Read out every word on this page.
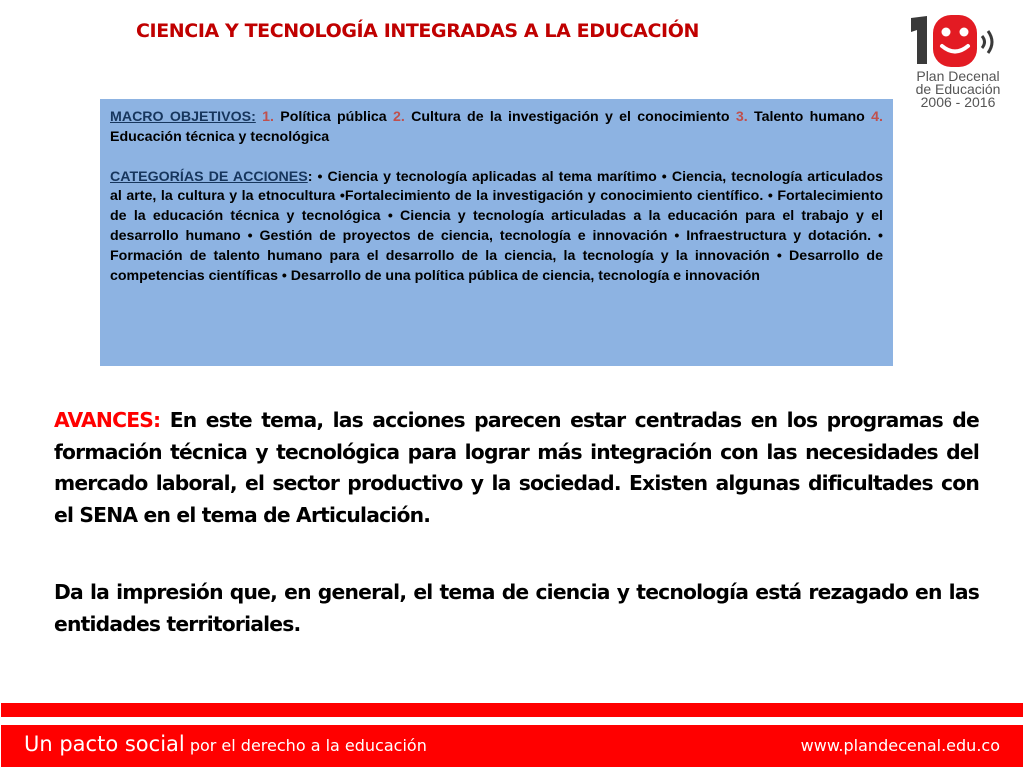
CIENCIA Y TECNOLOGÍA INTEGRADAS A LA EDUCACIÓN
Plan Decenal
de Educación
2006 - 2016

MACRO OBJETIVOS: 1. Política pública 2. Cultura de la investigación y el conocimiento 3. Talento humano 4. Educación técnica y tecnológica

CATEGORÍAS DE ACCIONES: • Ciencia y tecnología aplicadas al tema marítimo • Ciencia, tecnología articulados al arte, la cultura y la etnocultura •Fortalecimiento de la investigación y conocimiento científico. • Fortalecimiento de la educación técnica y tecnológica • Ciencia y tecnología articuladas a la educación para el trabajo y el desarrollo humano • Gestión de proyectos de ciencia, tecnología e innovación • Infraestructura y dotación. • Formación de talento humano para el desarrollo de la ciencia, la tecnología y la innovación • Desarrollo de competencias científicas • Desarrollo de una política pública de ciencia, tecnología e innovación

AVANCES: En este tema, las acciones parecen estar centradas en los programas de formación técnica y tecnológica para lograr más integración con las necesidades del mercado laboral, el sector productivo y la sociedad. Existen algunas dificultades con el SENA en el tema de Articulación.

Da la impresión que, en general, el tema de ciencia y tecnología está rezagado en las entidades territoriales.

Un pacto social por el derecho a la educación	www.plandecenal.edu.co
